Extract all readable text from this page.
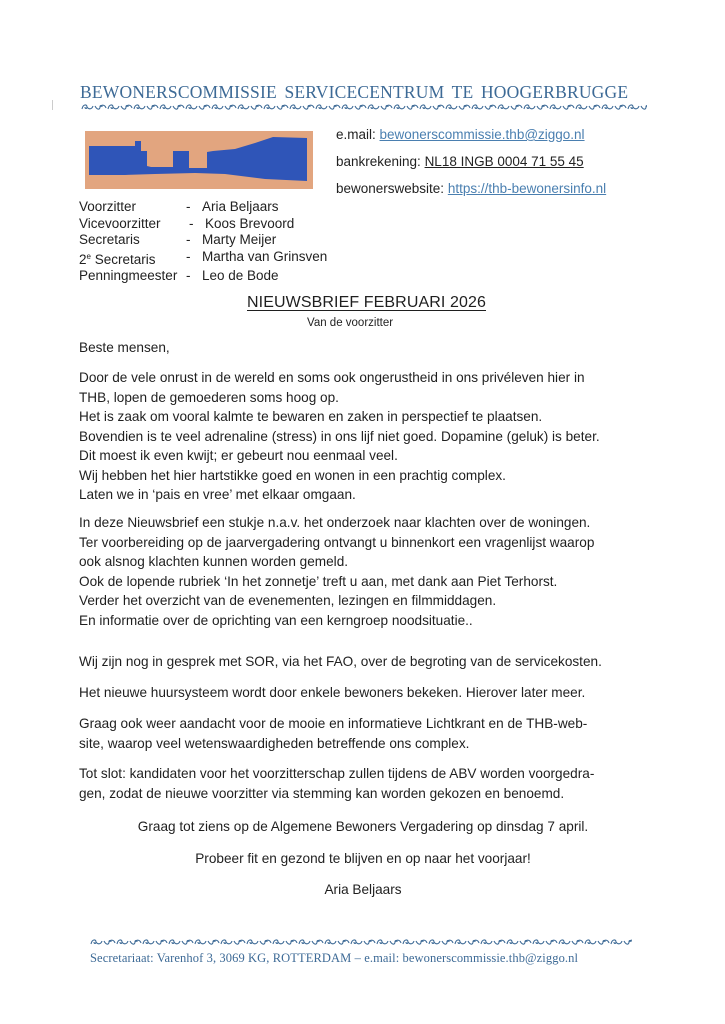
BEWONERSCOMMISSIE SERVICECENTRUM TE HOOGERBRUGGE
e.mail: bewonerscommissie.thb@ziggo.nl
bankrekening: NL18 INGB 0004 71 55 45
bewonerswebsite: https://thb-bewonersinfo.nl
Voorzitter	- Aria Beljaars
Vicevoorzitter	- Koos Brevoord
Secretaris	- Marty Meijer
2e Secretaris	- Martha van Grinsven
Penningmeester - Leo de Bode
NIEUWSBRIEF FEBRUARI 2026
Van de voorzitter
Beste mensen,
Door de vele onrust in de wereld en soms ook ongerustheid in ons privéleven hier in
THB, lopen de gemoederen soms hoog op.
Het is zaak om vooral kalmte te bewaren en zaken in perspectief te plaatsen.
Bovendien is te veel adrenaline (stress) in ons lijf niet goed. Dopamine (geluk) is beter.
Dit moest ik even kwijt; er gebeurt nou eenmaal veel.
Wij hebben het hier hartstikke goed en wonen in een prachtig complex.
Laten we in ‘pais en vree’ met elkaar omgaan.
In deze Nieuwsbrief een stukje n.a.v. het onderzoek naar klachten over de woningen.
Ter voorbereiding op de jaarvergadering ontvangt u binnenkort een vragenlijst waarop
ook alsnog klachten kunnen worden gemeld.
Ook de lopende rubriek ‘In het zonnetje’ treft u aan, met dank aan Piet Terhorst.
Verder het overzicht van de evenementen, lezingen en filmmiddagen.
En informatie over de oprichting van een kerngroep noodsituatie..
Wij zijn nog in gesprek met SOR, via het FAO, over de begroting van de servicekosten.
Het nieuwe huursysteem wordt door enkele bewoners bekeken. Hierover later meer.
Graag ook weer aandacht voor de mooie en informatieve Lichtkrant en de THB-web-
site, waarop veel wetenswaardigheden betreffende ons complex.
Tot slot: kandidaten voor het voorzitterschap zullen tijdens de ABV worden voorgedra-
gen, zodat de nieuwe voorzitter via stemming kan worden gekozen en benoemd.
Graag tot ziens op de Algemene Bewoners Vergadering op dinsdag 7 april.
Probeer fit en gezond te blijven en op naar het voorjaar!
Aria Beljaars
Secretariaat: Varenhof 3, 3069 KG, ROTTERDAM – e.mail: bewonerscommissie.thb@ziggo.nl
